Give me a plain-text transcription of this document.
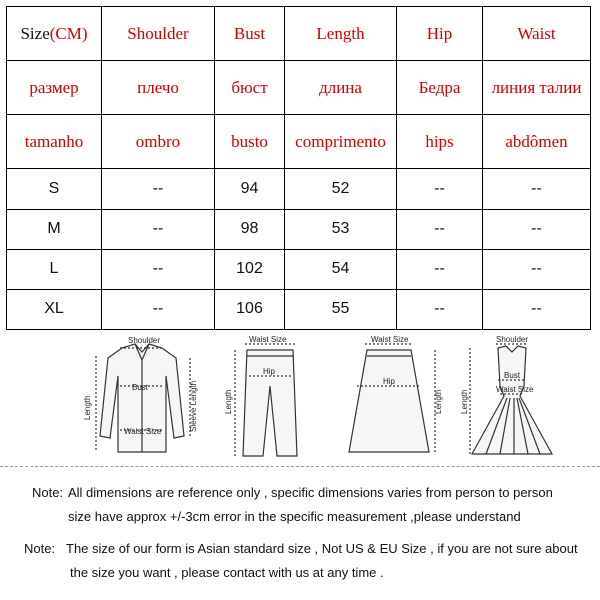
Size(CM)	Shoulder	Bust	Length	Hip	Waist
размер	плечо	бюст	длина	Бедра	линия талии
tamanho	ombro	busto	comprimento	hips	abdômen
S	--	94	52	--	--
M	--	98	53	--	--
L	--	102	54	--	--
XL	--	106	55	--	--
Shoulder
Bust
Waist Size
Length	Sleeve Length
Waist Size
Hip
Length
Waist Size
Hip
Length
Shoulder
Bust
Waist Size
Length
Note: All dimensions are reference only , specific dimensions varies from person to person
size have approx +/-3cm error in the specific measurement ,please understand
Note: The size of our form is Asian standard size , Not US & EU Size , if you are not sure about
the size you want , please contact with us at any time .
